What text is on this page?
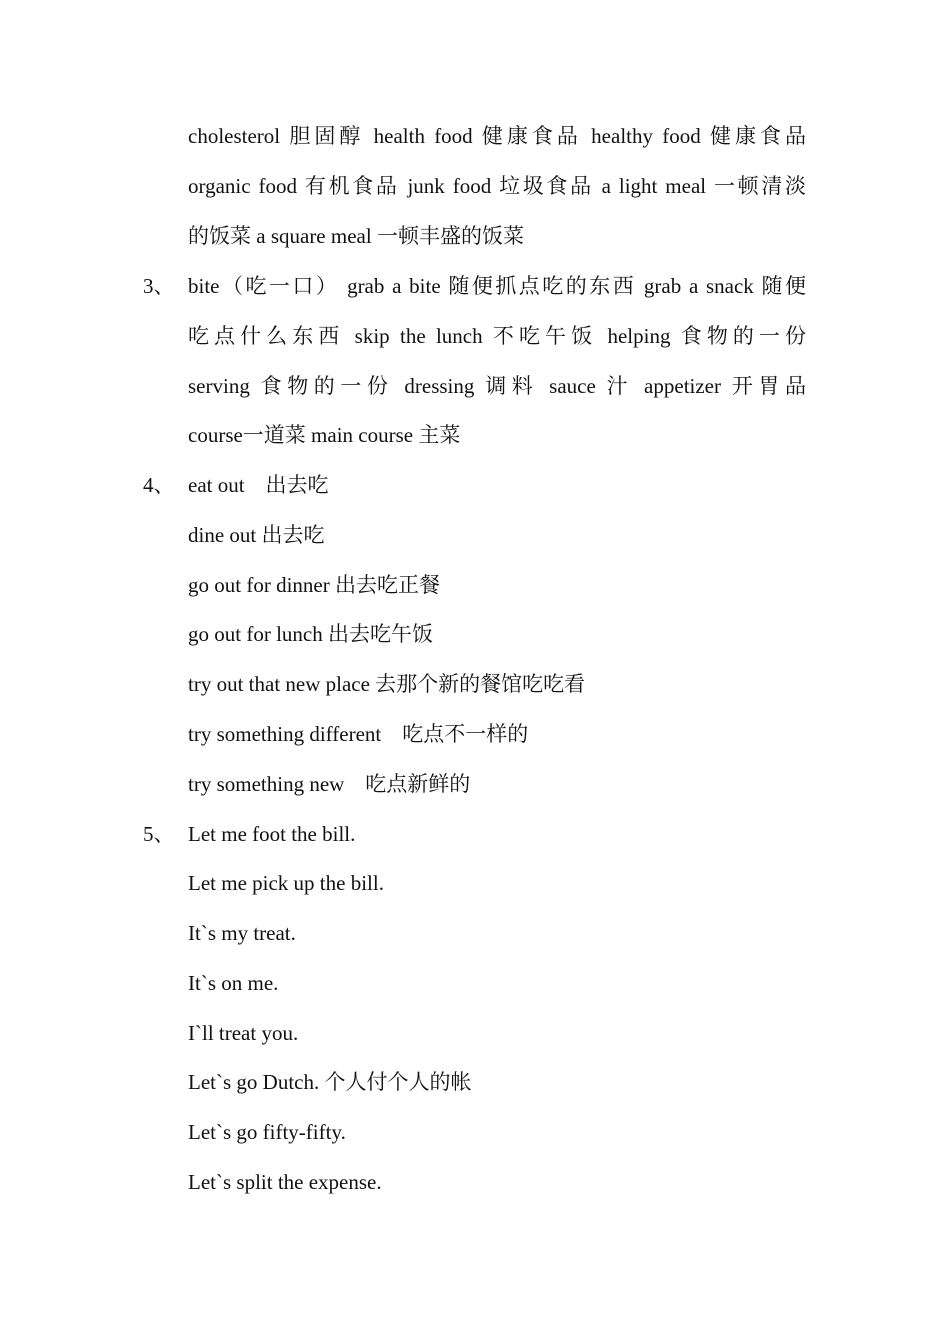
cholesterol 胆固醇 health food 健康食品 healthy food 健康食品
organic food 有机食品 junk food 垃圾食品 a light meal 一顿清淡
的饭菜 a square meal 一顿丰盛的饭菜
3、 bite（吃一口） grab a bite 随便抓点吃的东西 grab a snack 随便
吃点什么东西 skip the lunch 不吃午饭 helping 食物的一份
serving 食物的一份 dressing 调料 sauce 汁 appetizer 开胃品
course一道菜 main course 主菜
4、 eat out　出去吃
dine out 出去吃
go out for dinner 出去吃正餐
go out for lunch 出去吃午饭
try out that new place 去那个新的餐馆吃吃看
try something different　吃点不一样的
try something new　吃点新鲜的
5、 Let me foot the bill.
Let me pick up the bill.
It`s my treat.
It`s on me.
I`ll treat you.
Let`s go Dutch. 个人付个人的帐
Let`s go fifty-fifty.
Let`s split the expense.
